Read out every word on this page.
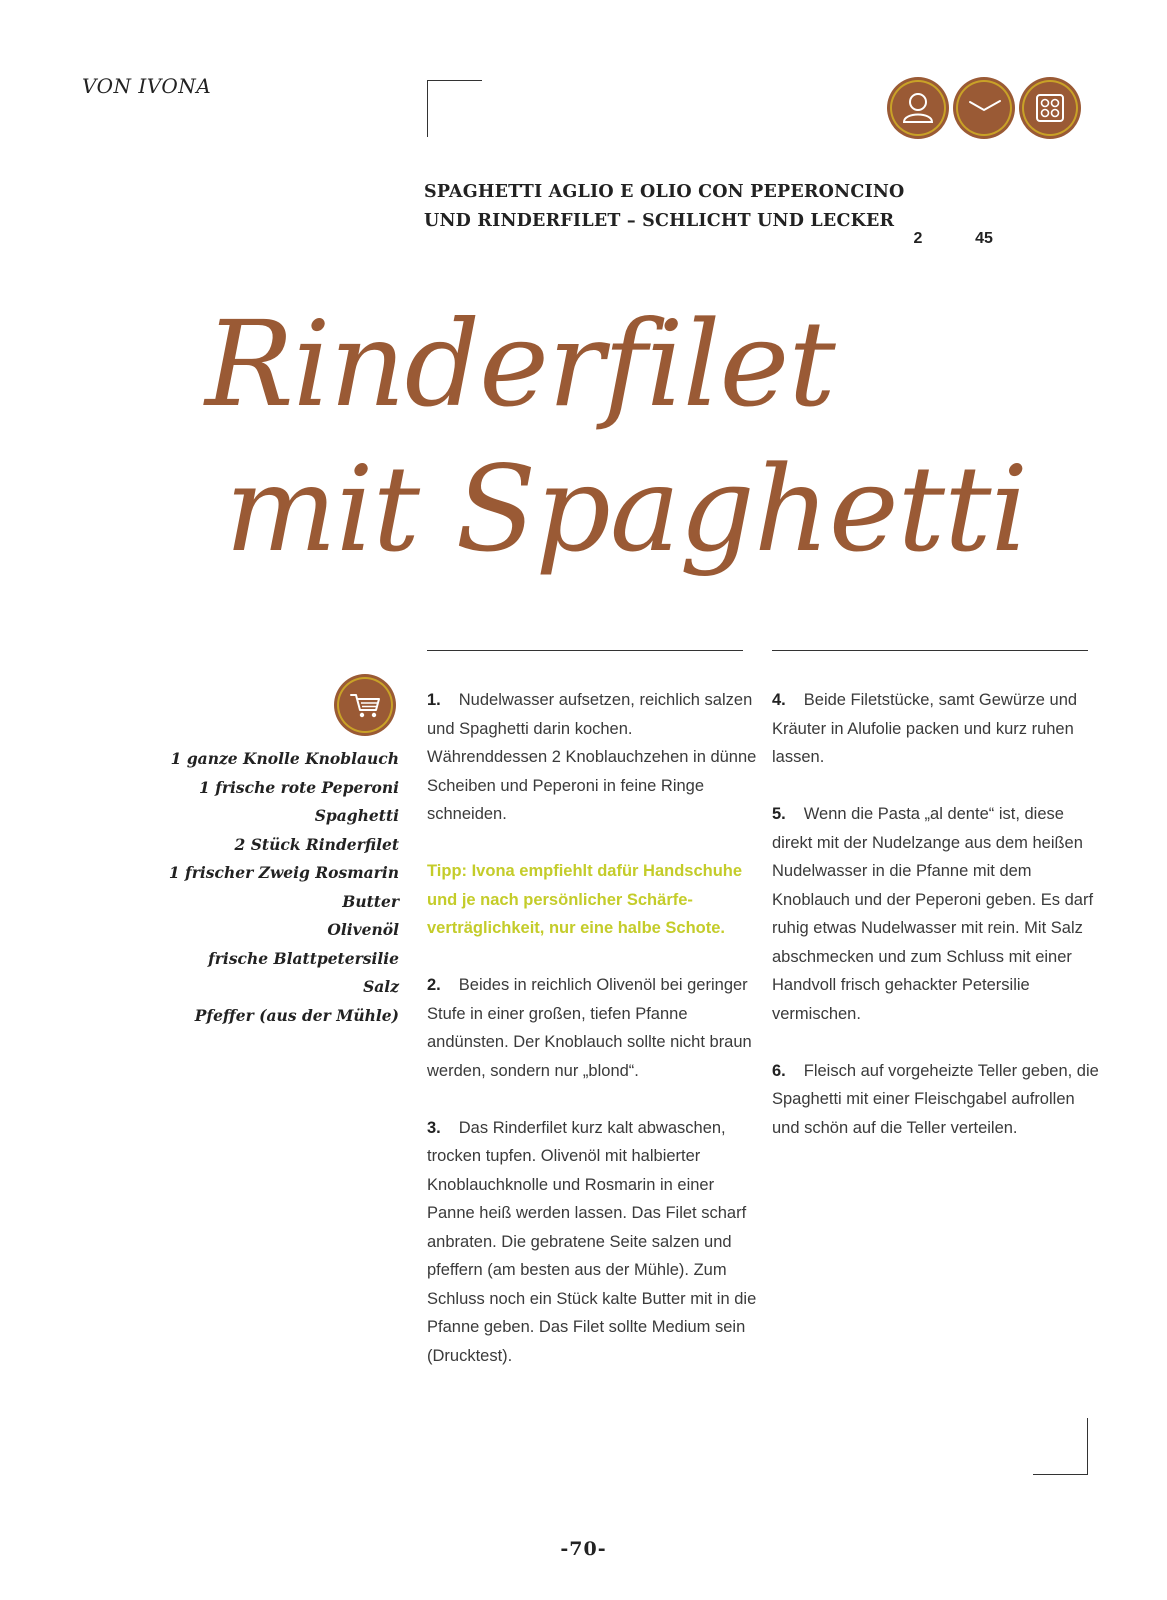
VON IVONA
2	45
SPAGHETTI AGLIO E OLIO CON PEPERONCINO
UND RINDERFILET – SCHLICHT UND LECKER
Rinderfilet
mit Spaghetti
1 ganze Knolle Knoblauch
1 frische rote Peperoni
Spaghetti
2 Stück Rinderfilet
1 frischer Zweig Rosmarin
Butter
Olivenöl
frische Blattpetersilie
Salz
Pfeffer (aus der Mühle)

1. Nudelwasser aufsetzen, reichlich salzen und Spaghetti darin kochen. Währenddessen 2 Knoblauchzehen in dünne Scheiben und Peperoni in feine Ringe schneiden.

Tipp: Ivona empfiehlt dafür Handschuhe und je nach persönlicher Schärfeverträglichkeit, nur eine halbe Schote.

2. Beides in reichlich Olivenöl bei geringer Stufe in einer großen, tiefen Pfanne andünsten. Der Knoblauch sollte nicht braun werden, sondern nur „blond“.

3. Das Rinderfilet kurz kalt abwaschen, trocken tupfen. Olivenöl mit halbierter Knoblauchknolle und Rosmarin in einer Panne heiß werden lassen. Das Filet scharf anbraten. Die gebratene Seite salzen und pfeffern (am besten aus der Mühle). Zum Schluss noch ein Stück kalte Butter mit in die Pfanne geben. Das Filet sollte Medium sein (Drucktest).

4. Beide Filetstücke, samt Gewürze und Kräuter in Alufolie packen und kurz ruhen lassen.

5. Wenn die Pasta „al dente“ ist, diese direkt mit der Nudelzange aus dem heißen Nudelwasser in die Pfanne mit dem Knoblauch und der Peperoni geben. Es darf ruhig etwas Nudelwasser mit rein. Mit Salz abschmecken und zum Schluss mit einer Handvoll frisch gehackter Petersilie vermischen.

6. Fleisch auf vorgeheizte Teller geben, die Spaghetti mit einer Fleischgabel aufrollen und schön auf die Teller verteilen.

-70-
